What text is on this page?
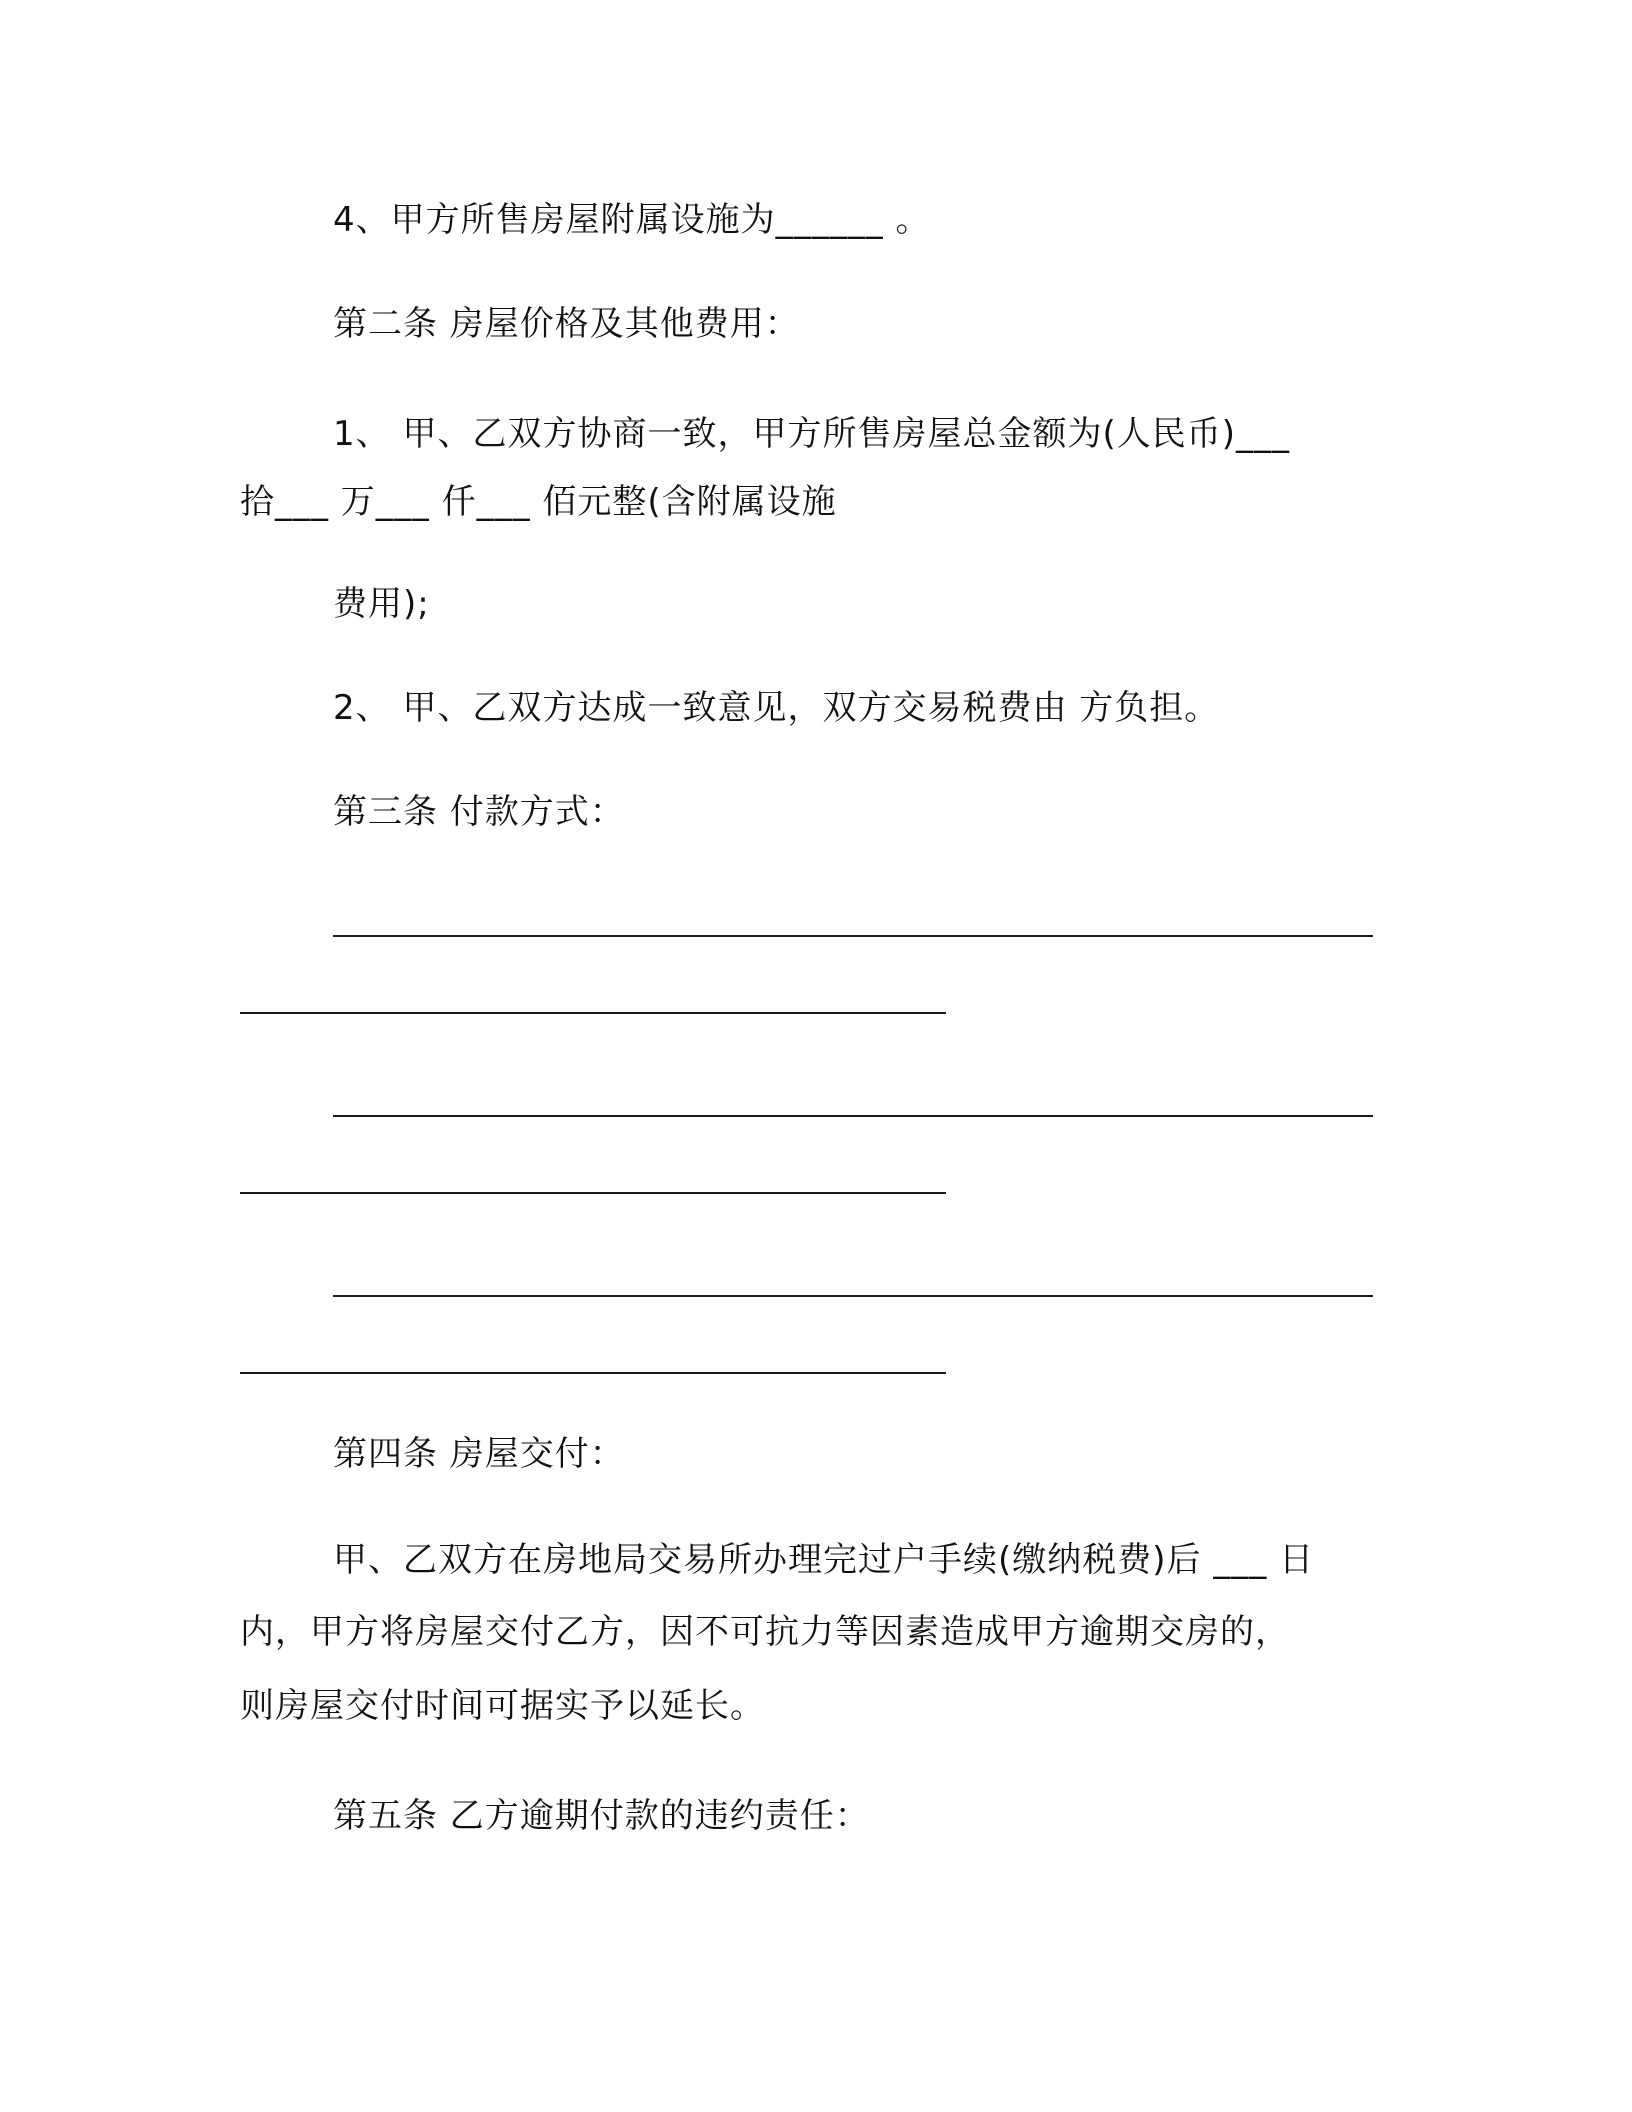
4、甲方所售房屋附属设施为______ 。
第二条 房屋价格及其他费用：
1、 甲、乙双方协商一致，甲方所售房屋总金额为(人民币)___
拾___ 万___ 仟___ 佰元整(含附属设施
费用);
2、 甲、乙双方达成一致意见，双方交易税费由 方负担。
第三条 付款方式：
第四条 房屋交付：
甲、乙双方在房地局交易所办理完过户手续(缴纳税费)后 ___ 日
内，甲方将房屋交付乙方，因不可抗力等因素造成甲方逾期交房的，
则房屋交付时间可据实予以延长。
第五条 乙方逾期付款的违约责任：
